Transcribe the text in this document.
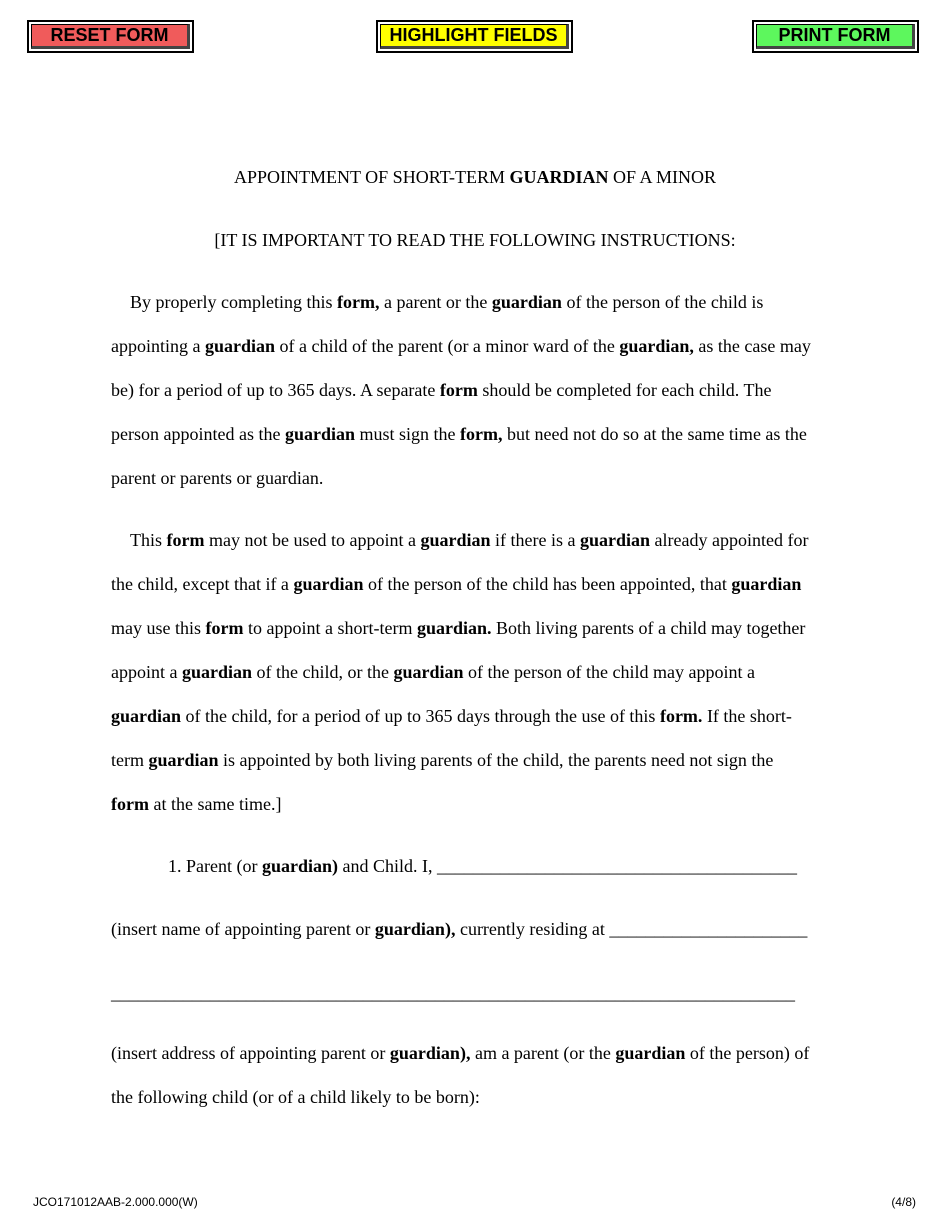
RESET FORM	HIGHLIGHT FIELDS	PRINT FORM
APPOINTMENT OF SHORT-TERM GUARDIAN OF A MINOR
[IT IS IMPORTANT TO READ THE FOLLOWING INSTRUCTIONS:
By properly completing this form, a parent or the guardian of the person of the child is
appointing a guardian of a child of the parent (or a minor ward of the guardian, as the case may
be) for a period of up to 365 days. A separate form should be completed for each child. The
person appointed as the guardian must sign the form, but need not do so at the same time as the
parent or parents or guardian.
This form may not be used to appoint a guardian if there is a guardian already appointed for
the child, except that if a guardian of the person of the child has been appointed, that guardian
may use this form to appoint a short-term guardian. Both living parents of a child may together
appoint a guardian of the child, or the guardian of the person of the child may appoint a
guardian of the child, for a period of up to 365 days through the use of this form. If the short-
term guardian is appointed by both living parents of the child, the parents need not sign the
form at the same time.]
1. Parent (or guardian) and Child. I, ________________________________________
(insert name of appointing parent or guardian), currently residing at ______________________
____________________________________________________________________________
(insert address of appointing parent or guardian), am a parent (or the guardian of the person) of
the following child (or of a child likely to be born):
JCO171012AAB-2.000.000(W)	(4/8)
